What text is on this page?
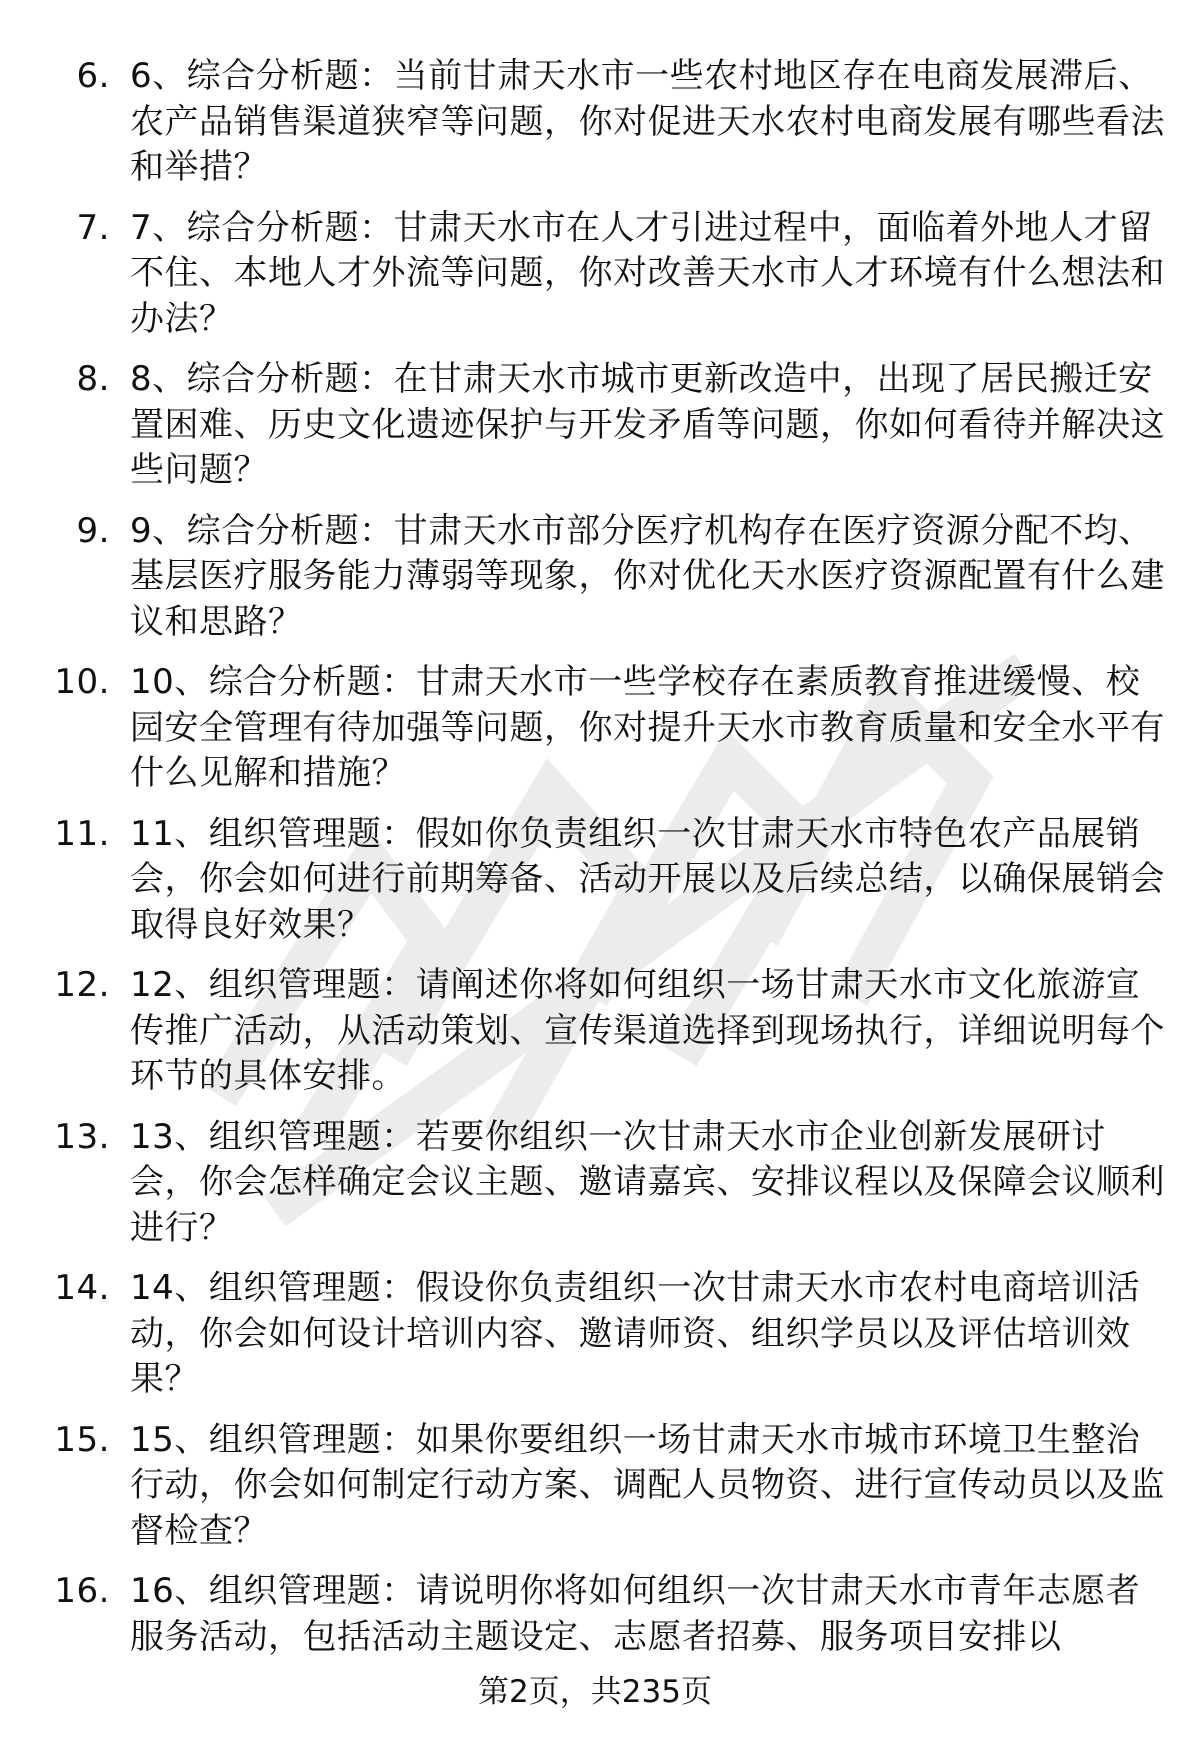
6. 6、综合分析题：当前甘肃天水市一些农村地区存在电商发展滞后、农产品销售渠道狭窄等问题，你对促进天水农村电商发展有哪些看法和举措？
7. 7、综合分析题：甘肃天水市在人才引进过程中，面临着外地人才留不住、本地人才外流等问题，你对改善天水市人才环境有什么想法和办法？
8. 8、综合分析题：在甘肃天水市城市更新改造中，出现了居民搬迁安置困难、历史文化遗迹保护与开发矛盾等问题，你如何看待并解决这些问题？
9. 9、综合分析题：甘肃天水市部分医疗机构存在医疗资源分配不均、基层医疗服务能力薄弱等现象，你对优化天水医疗资源配置有什么建议和思路？
10. 10、综合分析题：甘肃天水市一些学校存在素质教育推进缓慢、校园安全管理有待加强等问题，你对提升天水市教育质量和安全水平有什么见解和措施？
11. 11、组织管理题：假如你负责组织一次甘肃天水市特色农产品展销会，你会如何进行前期筹备、活动开展以及后续总结，以确保展销会取得良好效果？
12. 12、组织管理题：请阐述你将如何组织一场甘肃天水市文化旅游宣传推广活动，从活动策划、宣传渠道选择到现场执行，详细说明每个环节的具体安排。
13. 13、组织管理题：若要你组织一次甘肃天水市企业创新发展研讨会，你会怎样确定会议主题、邀请嘉宾、安排议程以及保障会议顺利进行？
14. 14、组织管理题：假设你负责组织一次甘肃天水市农村电商培训活动，你会如何设计培训内容、邀请师资、组织学员以及评估培训效果？
15. 15、组织管理题：如果你要组织一场甘肃天水市城市环境卫生整治行动，你会如何制定行动方案、调配人员物资、进行宣传动员以及监督检查？
16. 16、组织管理题：请说明你将如何组织一次甘肃天水市青年志愿者服务活动，包括活动主题设定、志愿者招募、服务项目安排以
第2页，共235页
